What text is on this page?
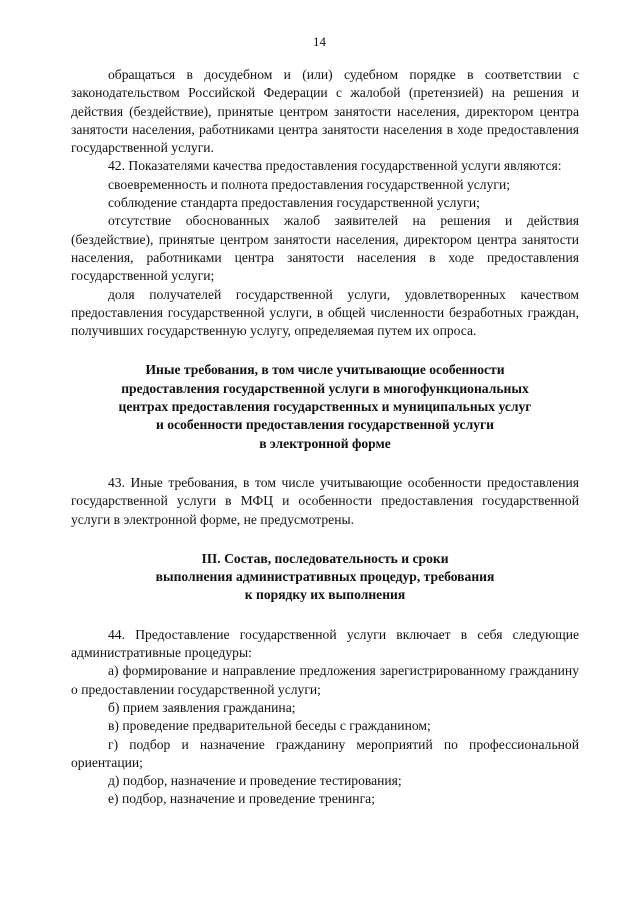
14

обращаться в досудебном и (или) судебном порядке в соответствии с законодательством Российской Федерации с жалобой (претензией) на решения и действия (бездействие), принятые центром занятости населения, директором центра занятости населения, работниками центра занятости населения в ходе предоставления государственной услуги.

42. Показателями качества предоставления государственной услуги являются:

своевременность и полнота предоставления государственной услуги;

соблюдение стандарта предоставления государственной услуги;

отсутствие обоснованных жалоб заявителей на решения и действия (бездействие), принятые центром занятости населения, директором центра занятости населения, работниками центра занятости населения в ходе предоставления государственной услуги;

доля получателей государственной услуги, удовлетворенных качеством предоставления государственной услуги, в общей численности безработных граждан, получивших государственную услугу, определяемая путем их опроса.

Иные требования, в том числе учитывающие особенности
предоставления государственной услуги в многофункциональных
центрах предоставления государственных и муниципальных услуг
и особенности предоставления государственной услуги
в электронной форме

43. Иные требования, в том числе учитывающие особенности предоставления государственной услуги в МФЦ и особенности предоставления государственной услуги в электронной форме, не предусмотрены.

III. Состав, последовательность и сроки
выполнения административных процедур, требования
к порядку их выполнения

44. Предоставление государственной услуги включает в себя следующие административные процедуры:

а) формирование и направление предложения зарегистрированному гражданину о предоставлении государственной услуги;

б) прием заявления гражданина;

в) проведение предварительной беседы с гражданином;

г) подбор и назначение гражданину мероприятий по профессиональной ориентации;

д) подбор, назначение и проведение тестирования;

е) подбор, назначение и проведение тренинга;
